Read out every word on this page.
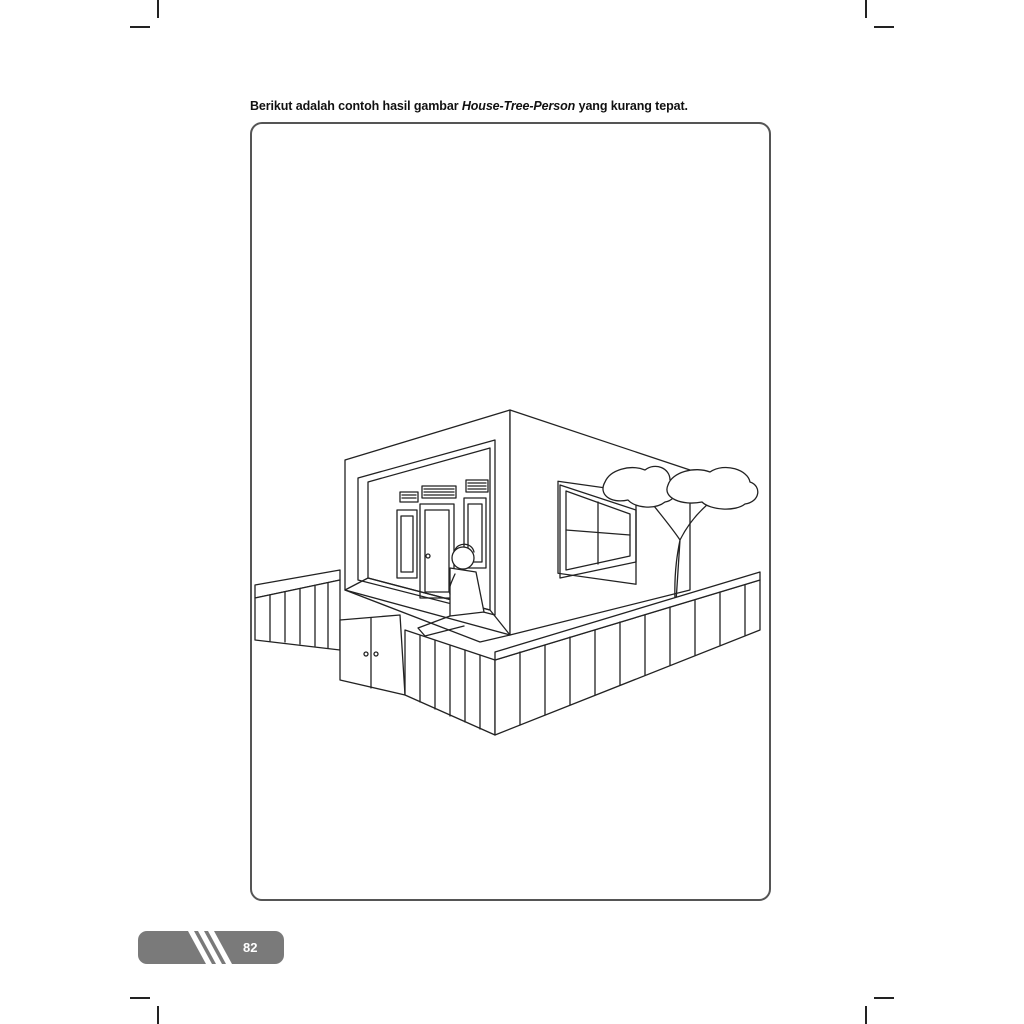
Berikut adalah contoh hasil gambar House-Tree-Person yang kurang tepat.
82
